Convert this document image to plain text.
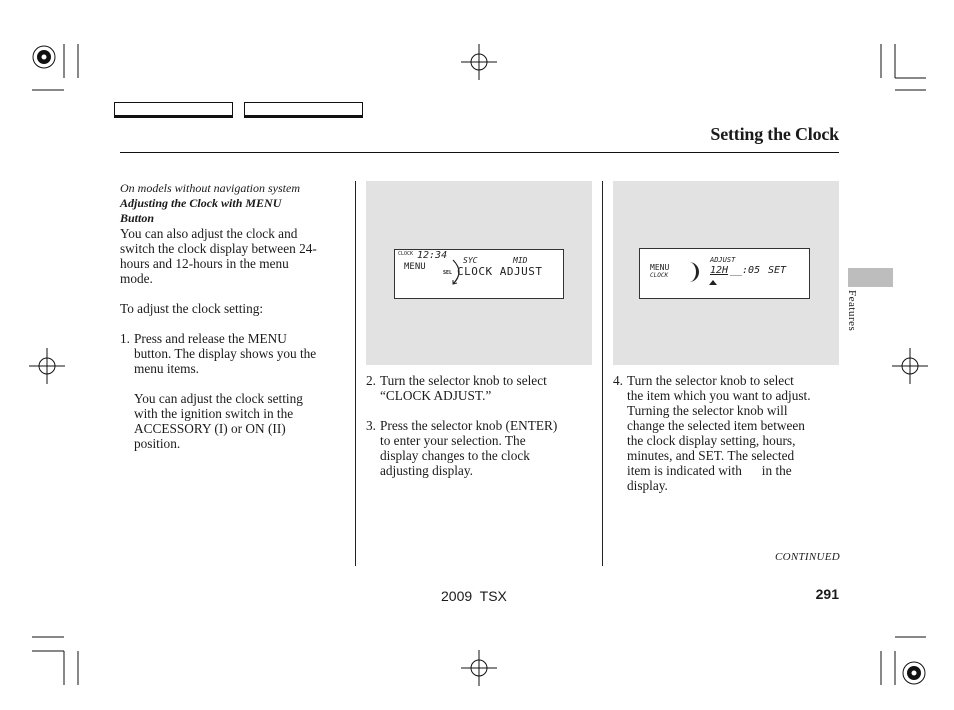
Setting the Clock
On models without navigation system
Adjusting the Clock with MENU
Button
You can also adjust the clock and
switch the clock display between 24-
hours and 12-hours in the menu
mode.
To adjust the clock setting:
1. Press and release the MENU
button. The display shows you the
menu items.
You can adjust the clock setting
with the ignition switch in the
ACCESSORY (I) or ON (II)
position.
CLOCK 12:34
MENU
SEL
SYC	MID
CLOCK ADJUST
2. Turn the selector knob to select
“CLOCK ADJUST.”
3. Press the selector knob (ENTER)
to enter your selection. The
display changes to the clock
adjusting display.
MENU
CLOCK	SEL
ADJUST
12H __:05 SET
4. Turn the selector knob to select
the item which you want to adjust.
Turning the selector knob will
change the selected item between
the clock display setting, hours,
minutes, and SET. The selected
item is indicated with      in the
display.
CONTINUED
Features
2009  TSX	291
